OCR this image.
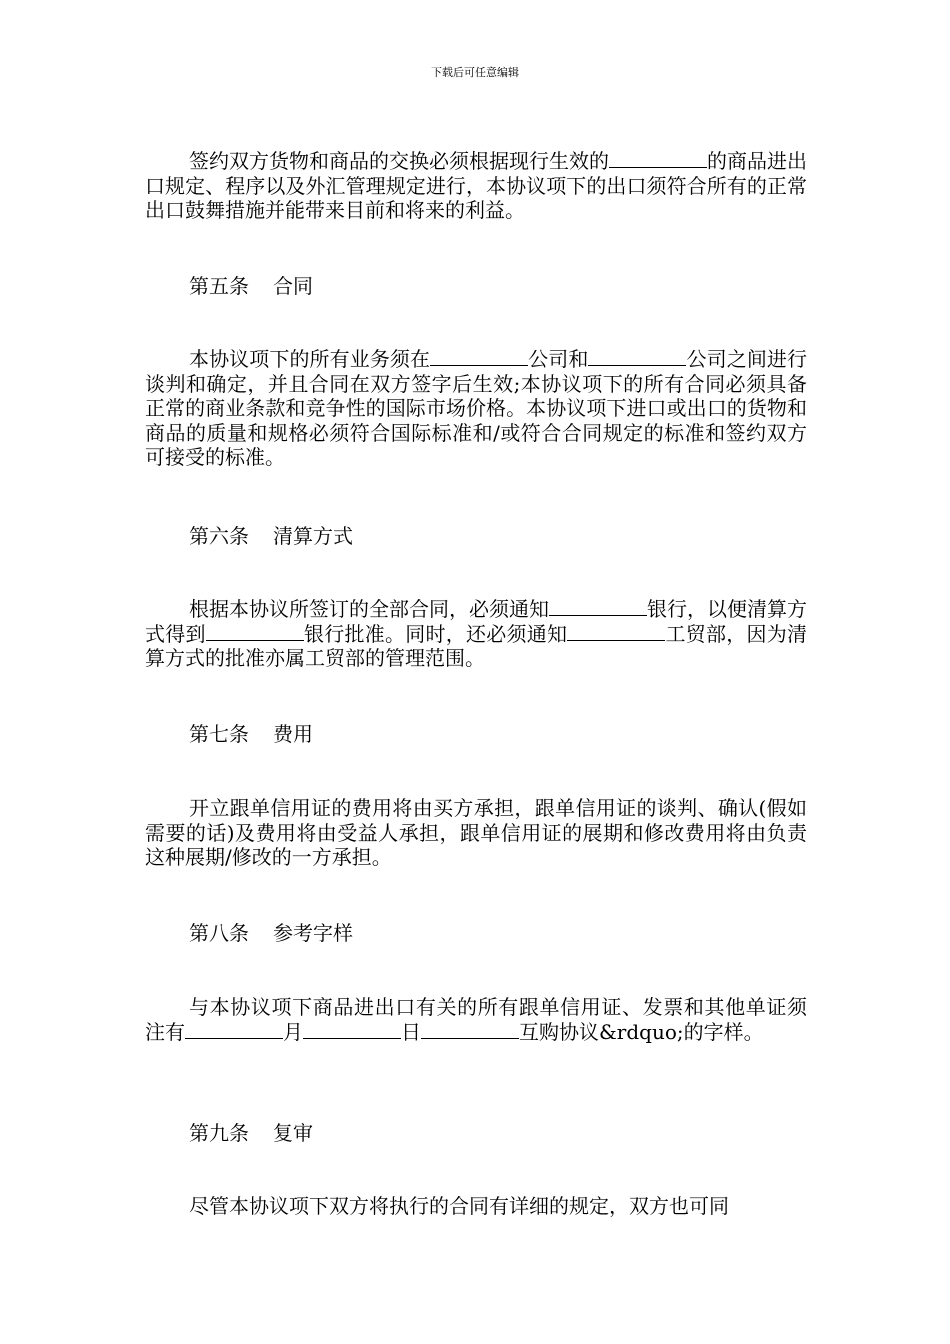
下载后可任意编辑
签约双方货物和商品的交换必须根据现行生效的	的商品进出口规定、程序以及外汇管理规定进行，本协议项下的出口须符合所有的正常出口鼓舞措施并能带来目前和将来的利益。
第五条 合同
本协议项下的所有业务须在	公司和	公司之间进行谈判和确定，并且合同在双方签字后生效;本协议项下的所有合同必须具备正常的商业条款和竞争性的国际市场价格。本协议项下进口或出口的货物和商品的质量和规格必须符合国际标准和/或符合合同规定的标准和签约双方可接受的标准。
第六条 清算方式
根据本协议所签订的全部合同，必须通知	银行，以便清算方式得到	银行批准。同时，还必须通知	工贸部，因为清算方式的批准亦属工贸部的管理范围。
第七条 费用
开立跟单信用证的费用将由买方承担，跟单信用证的谈判、确认(假如需要的话)及费用将由受益人承担，跟单信用证的展期和修改费用将由负责这种展期/修改的一方承担。
第八条 参考字样
与本协议项下商品进出口有关的所有跟单信用证、发票和其他单证须注有	月	日	互购协议&rdquo;的字样。
第九条 复审
尽管本协议项下双方将执行的合同有详细的规定，双方也可同
